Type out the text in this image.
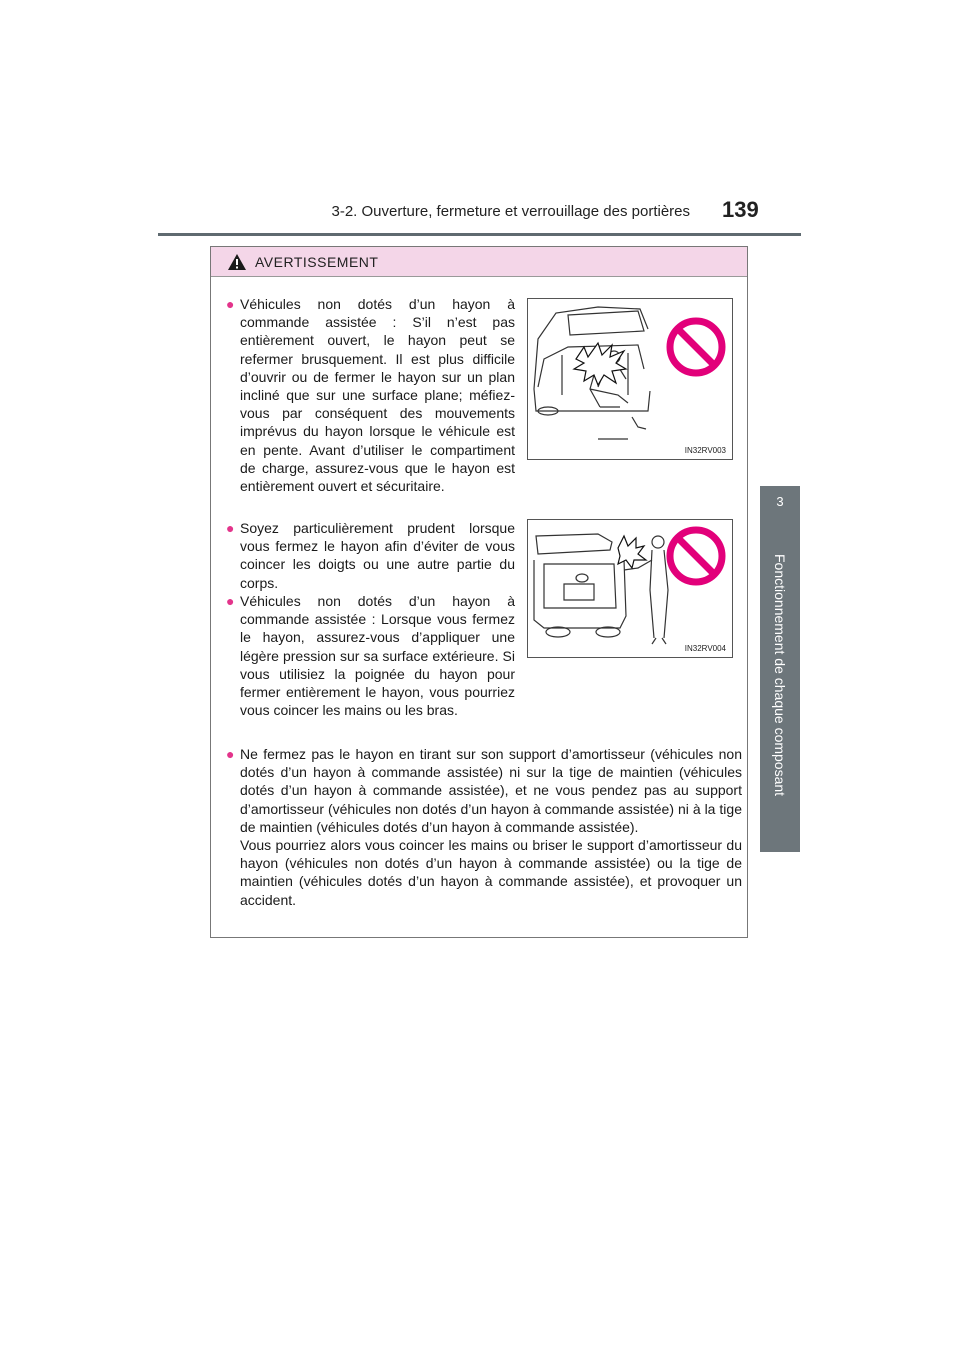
3-2. Ouverture, fermeture et verrouillage des portières 139
3
Fonctionnement de chaque composant
AVERTISSEMENT
● Véhicules non dotés d’un hayon à commande assistée : S’il n’est pas entièrement ouvert, le hayon peut se refermer brusquement. Il est plus difficile d’ouvrir ou de fermer le hayon sur un plan incliné que sur une surface plane; méfiez-vous par conséquent des mouvements imprévus du hayon lorsque le véhicule est en pente. Avant d’utiliser le compartiment de charge, assurez-vous que le hayon est entièrement ouvert et sécuritaire.

IN32RV003
● Soyez particulièrement prudent lorsque vous fermez le hayon afin d’éviter de vous coincer les doigts ou une autre partie du corps.

● Véhicules non dotés d’un hayon à commande assistée : Lorsque vous fermez le hayon, assurez-vous d’appliquer une légère pression sur sa surface extérieure. Si vous utilisiez la poignée du hayon pour fermer entièrement le hayon, vous pourriez vous coincer les mains ou les bras.

IN32RV004
● Ne fermez pas le hayon en tirant sur son support d’amortisseur (véhicules non dotés d’un hayon à commande assistée) ni sur la tige de maintien (véhicules dotés d’un hayon à commande assistée), et ne vous pendez pas au support d’amortisseur (véhicules non dotés d’un hayon à commande assistée) ni à la tige de maintien (véhicules dotés d’un hayon à commande assistée).

Vous pourriez alors vous coincer les mains ou briser le support d’amortisseur du hayon (véhicules non dotés d’un hayon à commande assistée) ou la tige de maintien (véhicules dotés d’un hayon à commande assistée), et provoquer un accident.
